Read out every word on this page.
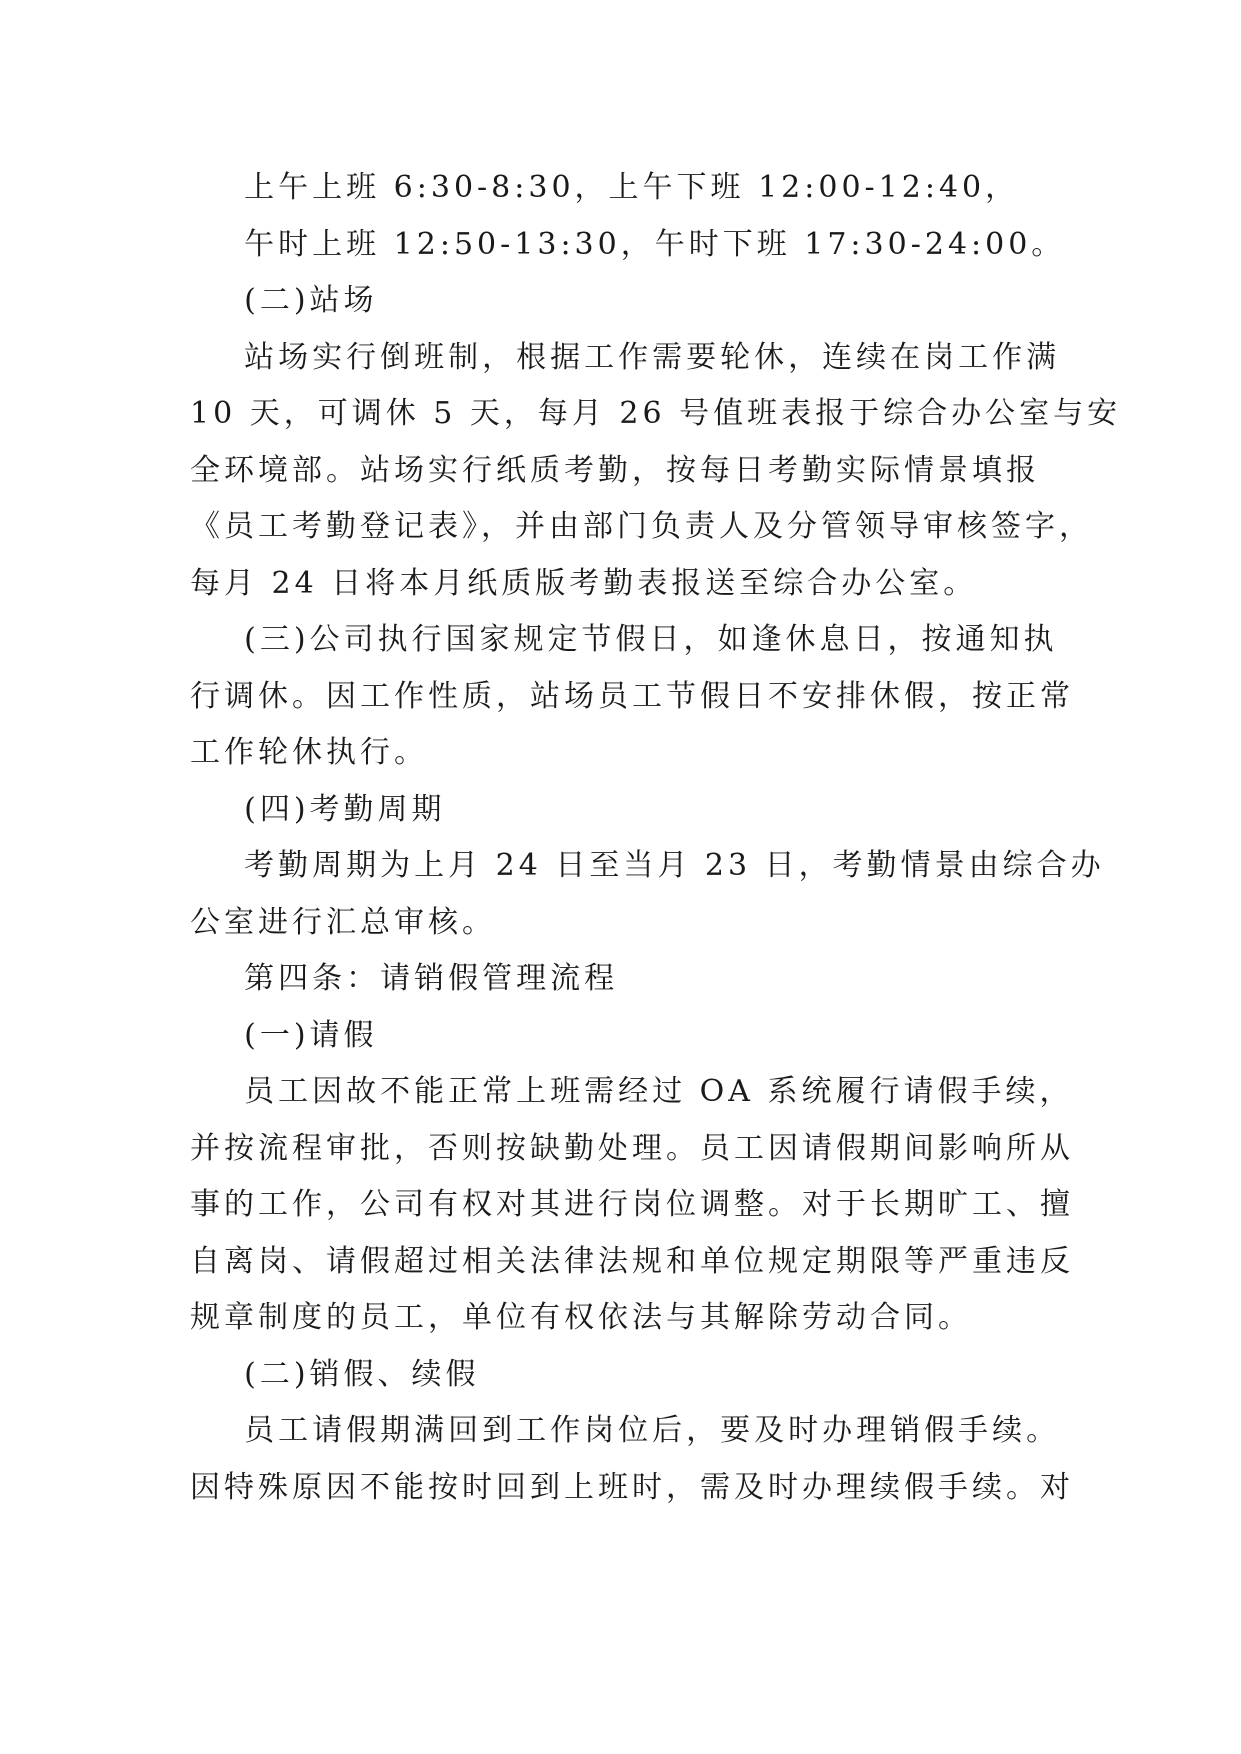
上午上班 6:30-8:30，上午下班 12:00-12:40，
午时上班 12:50-13:30，午时下班 17:30-24:00。
(二)站场
站场实行倒班制，根据工作需要轮休，连续在岗工作满
10 天，可调休 5 天，每月 26 号值班表报于综合办公室与安
全环境部。站场实行纸质考勤，按每日考勤实际情景填报
《员工考勤登记表》，并由部门负责人及分管领导审核签字，
每月 24 日将本月纸质版考勤表报送至综合办公室。
(三)公司执行国家规定节假日，如逢休息日，按通知执
行调休。因工作性质，站场员工节假日不安排休假，按正常
工作轮休执行。
(四)考勤周期
考勤周期为上月 24 日至当月 23 日，考勤情景由综合办
公室进行汇总审核。
第四条：请销假管理流程
(一)请假
员工因故不能正常上班需经过 OA 系统履行请假手续，
并按流程审批，否则按缺勤处理。员工因请假期间影响所从
事的工作，公司有权对其进行岗位调整。对于长期旷工、擅
自离岗、请假超过相关法律法规和单位规定期限等严重违反
规章制度的员工，单位有权依法与其解除劳动合同。
(二)销假、续假
员工请假期满回到工作岗位后，要及时办理销假手续。
因特殊原因不能按时回到上班时，需及时办理续假手续。对
